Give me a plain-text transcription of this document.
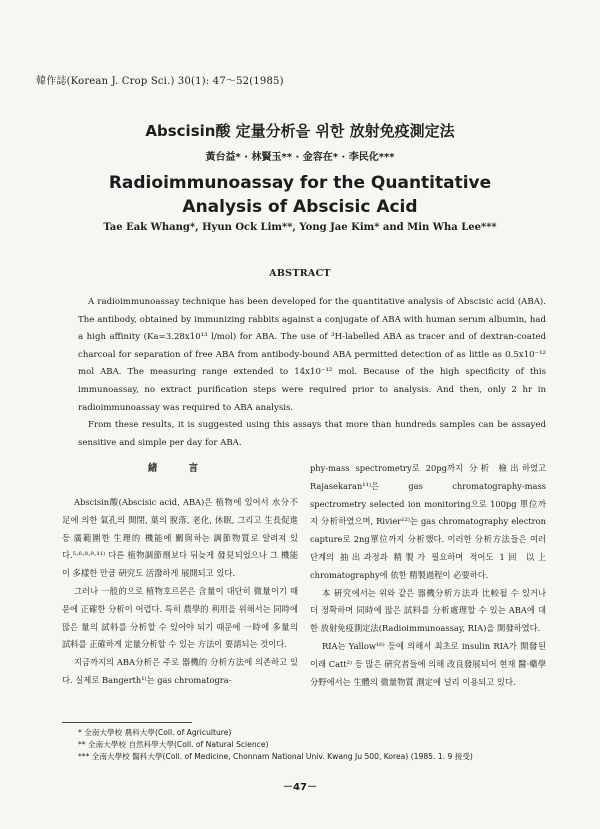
韓作誌(Korean J. Crop Sci.) 30(1): 47～52(1985)
Abscisin酸 定量分析을 위한 放射免疫測定法
黃台益* · 林賢玉** · 金容在* · 李民化***
Radioimmunoassay for the Quantitative
Analysis of Abscisic Acid
Tae Eak Whang*, Hyun Ock Lim**, Yong Jae Kim* and Min Wha Lee***
ABSTRACT

A radioimmunoassay technique has been developed for the quantitative analysis of Abscisic acid (ABA). The antibody, obtained by immunizing rabbits against a conjugate of ABA with human serum albumin, had a high affinity (Ka=3.28x10¹³ l/mol) for ABA. The use of ³H-labelled ABA as tracer and of dextran-coated charcoal for separation of free ABA from antibody-bound ABA permitted detection of as little as 0.5x10⁻¹² mol ABA. The measuring range extended to 14x10⁻¹² mol. Because of the high specificity of this immunoassay, no extract purification steps were required prior to analysis. And then, only 2 hr in radioimmunoassay was required to ABA analysis.

From these results, it is suggested using this assays that more than hundreds samples can be assayed sensitive and simple per day for ABA.

緒 言

Abscisin酸(Abscisic acid, ABA)은 植物에 있어서 水分不足에 의한 氣孔의 開閉, 葉의 脫落, 老化, 休眠, 그리고 生長促進 등 廣範圍한 生理的 機能에 關與하는 調節物質로 알려져 있다.⁵·⁶·⁸·⁹·¹¹⁾ 다른 植物調節劑보다 뒤늦게 發見되었으나 그 機能이 多樣한 만큼 硏究도 活潑하게 展開되고 있다.

그러나 一般的으로 植物호르몬은 含量이 대단히 微量이기 때문에 正確한 分析이 어렵다. 특히 農學的 利用을 위해서는 同時에 많은 量의 試料를 分析할 수 있어야 되기 때문에 一時에 多量의 試料를 正確하게 定量分析할 수 있는 方法이 要請되는 것이다.

지금까지의 ABA分析은 주로 器機的 分析方法에 의존하고 있다. 실제로 Bangerth¹⁾는 gas chromatogra-

phy-mass spectrometry로 20pg까지 分析 檢出하였고 Rajasekaran¹¹⁾은 gas chromatography-mass spectrometry selected ion monitoring으로 100pg 單位까지 分析하였으며, Rivier¹²⁾는 gas chromatography electron capture로 2ng單位까지 分析했다. 이러한 分析方法들은 여러 단계의 抽出과정과 精製가 필요하며 적어도 1回 以上 chromatography에 依한 精製過程이 必要하다.

本 硏究에서는 위와 같은 器機分析方法과 比較될 수 있거나 더 정확하며 同時에 많은 試料를 分析處理할 수 있는 ABA에 대한 放射免疫測定法(Radioimmunoassay, RIA)을 開發하였다.

RIA는 Yallow¹⁶⁾ 등에 의해서 최초로 insulin RIA가 開發된 이래 Catt²⁾ 등 많은 硏究者들에 의해 改良發展되어 현재 醫·藥學分野에서는 生體의 微量物質 測定에 널리 이용되고 있다.

* 全南大學校 農科大學(Coll. of Agriculture)
** 全南大學校 自然科學大學(Coll. of Natural Science)
*** 全南大學校 醫科大學(Coll. of Medicine, Chonnam National Univ. Kwang Ju 500, Korea) (1985. 1. 9 接受)
－47－
